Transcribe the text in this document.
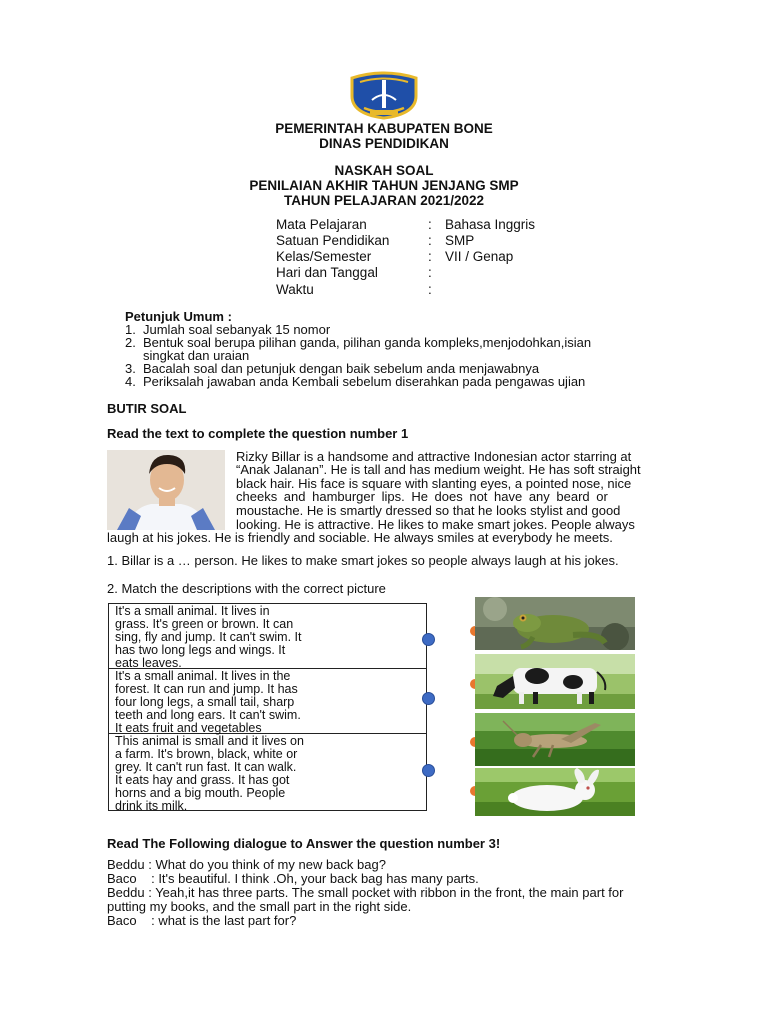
PEMERINTAH KABUPATEN BONE
DINAS PENDIDIKAN
NASKAH SOAL
PENILAIAN AKHIR TAHUN JENJANG SMP
TAHUN PELAJARAN 2021/2022
Mata Pelajaran	: Bahasa Inggris
Satuan Pendidikan	: SMP
Kelas/Semester	: VII / Genap
Hari dan Tanggal	:
Waktu	:
Petunjuk Umum :
1. Jumlah soal sebanyak 15 nomor
2. Bentuk soal berupa pilihan ganda, pilihan ganda kompleks,menjodohkan,isian
singkat dan uraian
3. Bacalah soal dan petunjuk dengan baik sebelum anda menjawabnya
4. Periksalah jawaban anda Kembali sebelum diserahkan pada pengawas ujian
BUTIR SOAL
Read the text to complete the question number 1
Rizky Billar is a handsome and attractive Indonesian actor starring at
“Anak Jalanan”. He is tall and has medium weight. He has soft straight
black hair. His face is square with slanting eyes, a pointed nose, nice
cheeks and hamburger lips. He does not have any beard or
moustache. He is smartly dressed so that he looks stylist and good
looking. He is attractive. He likes to make smart jokes. People always
laugh at his jokes. He is friendly and sociable. He always smiles at everybody he meets.
1. Billar is a … person. He likes to make smart jokes so people always laugh at his jokes.
2. Match the descriptions with the correct picture
It's a small animal. It lives in
grass. It's green or brown. It can
sing, fly and jump. It can't swim. It
has two long legs and wings. It
eats leaves.
It's a small animal. It lives in the
forest. It can run and jump. It has
four long legs, a small tail, sharp
teeth and long ears. It can't swim.
It eats fruit and vegetables
This animal is small and it lives on
a farm. It's brown, black, white or
grey. It can't run fast. It can walk.
It eats hay and grass. It has got
horns and a big mouth. People
drink its milk.
Read The Following dialogue to Answer the question number 3!
Beddu : What do you think of my new back bag?
Baco    : It's beautiful. I think .Oh, your back bag has many parts.
Beddu : Yeah,it has three parts. The small pocket with ribbon in the front, the main part for
putting my books, and the small part in the right side.
Baco    : what is the last part for?
